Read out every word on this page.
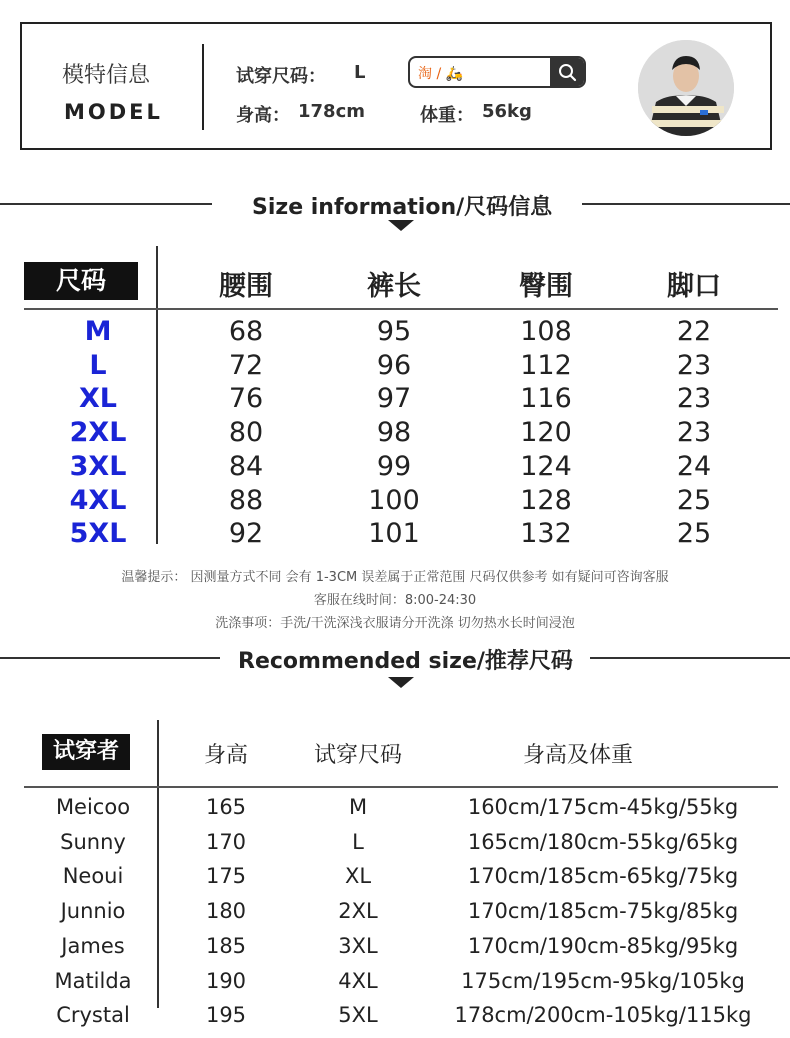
模特信息
MODEL
试穿尺码： L
身高： 178cm	体重： 56kg
淘 / 🛵
Size information/尺码信息
尺码	腰围	裤长	臀围	脚口
M	68	95	108	22
L	72	96	112	23
XL	76	97	116	23
2XL	80	98	120	23
3XL	84	99	124	24
4XL	88	100	128	25
5XL	92	101	132	25
温馨提示： 因测量方式不同 会有 1-3CM 误差属于正常范围 尺码仅供参考 如有疑问可咨询客服
客服在线时间：8:00-24:30
洗涤事项：手洗/干洗深浅衣服请分开洗涤 切勿热水长时间浸泡
Recommended size/推荐尺码
试穿者	身高	试穿尺码	身高及体重
Meicoo	165	M	160cm/175cm-45kg/55kg
Sunny	170	L	165cm/180cm-55kg/65kg
Neoui	175	XL	170cm/185cm-65kg/75kg
Junnio	180	2XL	170cm/185cm-75kg/85kg
James	185	3XL	170cm/190cm-85kg/95kg
Matilda	190	4XL	175cm/195cm-95kg/105kg
Crystal	195	5XL	178cm/200cm-105kg/115kg
